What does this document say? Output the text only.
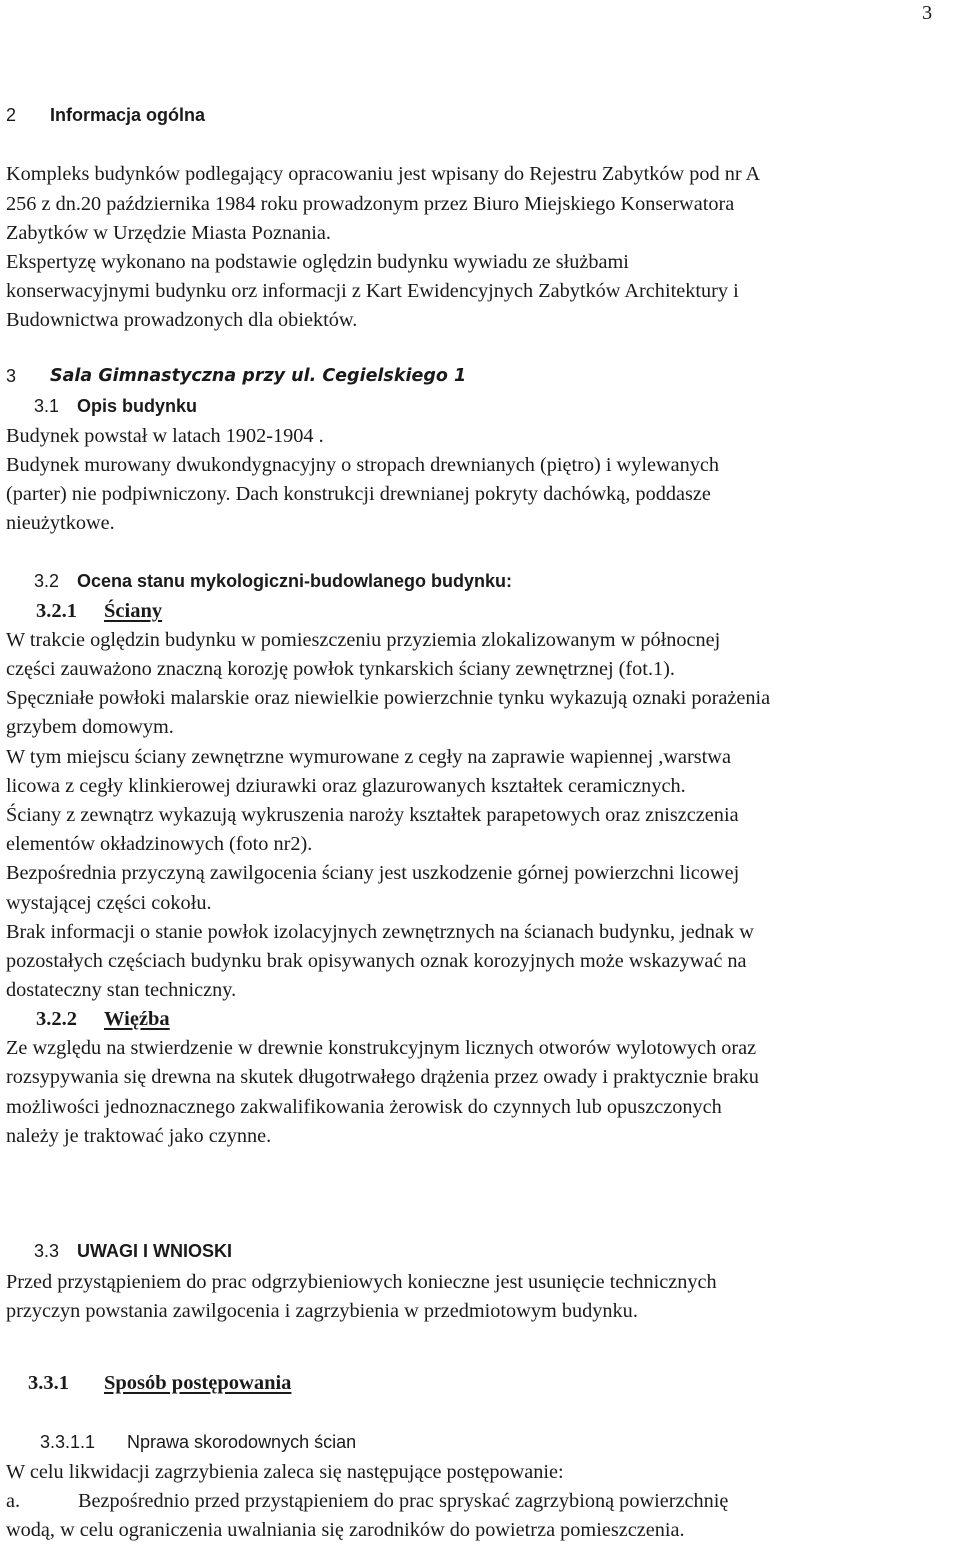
3
2 Informacja ogólna
Kompleks budynków podlegający opracowaniu jest wpisany do Rejestru Zabytków pod nr A
256 z dn.20 października 1984 roku prowadzonym przez Biuro Miejskiego Konserwatora
Zabytków w Urzędzie Miasta Poznania.
Ekspertyzę wykonano na podstawie oględzin budynku wywiadu ze służbami
konserwacyjnymi budynku orz informacji z Kart Ewidencyjnych Zabytków Architektury i
Budownictwa prowadzonych dla obiektów.
3 Sala Gimnastyczna przy ul. Cegielskiego 1
3.1 Opis budynku
Budynek powstał w latach 1902-1904 .
Budynek murowany dwukondygnacyjny o stropach drewnianych (piętro) i wylewanych
(parter) nie podpiwniczony. Dach konstrukcji drewnianej pokryty dachówką, poddasze
nieużytkowe.
3.2 Ocena stanu mykologiczni-budowlanego budynku:
3.2.1 Ściany
W trakcie oględzin budynku w pomieszczeniu przyziemia zlokalizowanym w północnej
części zauważono znaczną korozję powłok tynkarskich ściany zewnętrznej (fot.1).
Spęczniałe powłoki malarskie oraz niewielkie powierzchnie tynku wykazują oznaki porażenia
grzybem domowym.
W tym miejscu ściany zewnętrzne wymurowane z cegły na zaprawie wapiennej ,warstwa
licowa z cegły klinkierowej dziurawki oraz glazurowanych kształtek ceramicznych.
Ściany z zewnątrz wykazują wykruszenia naroży kształtek parapetowych oraz zniszczenia
elementów okładzinowych (foto nr2).
Bezpośrednia przyczyną zawilgocenia ściany jest uszkodzenie górnej powierzchni licowej
wystającej części cokołu.
Brak informacji o stanie powłok izolacyjnych zewnętrznych na ścianach budynku, jednak w
pozostałych częściach budynku brak opisywanych oznak korozyjnych może wskazywać na
dostateczny stan techniczny.
3.2.2 Więźba
Ze względu na stwierdzenie w drewnie konstrukcyjnym licznych otworów wylotowych oraz
rozsypywania się drewna na skutek długotrwałego drążenia przez owady i praktycznie braku
możliwości jednoznacznego zakwalifikowania żerowisk do czynnych lub opuszczonych
należy je traktować jako czynne.
3.3 UWAGI I WNIOSKI
Przed przystąpieniem do prac odgrzybieniowych konieczne jest usunięcie technicznych
przyczyn powstania zawilgocenia i zagrzybienia w przedmiotowym budynku.
3.3.1 Sposób postępowania
3.3.1.1 Nprawa skorodownych ścian
W celu likwidacji zagrzybienia zaleca się następujące postępowanie:
a.	Bezpośrednio przed przystąpieniem do prac spryskać zagrzybioną powierzchnię
wodą, w celu ograniczenia uwalniania się zarodników do powietrza pomieszczenia.
